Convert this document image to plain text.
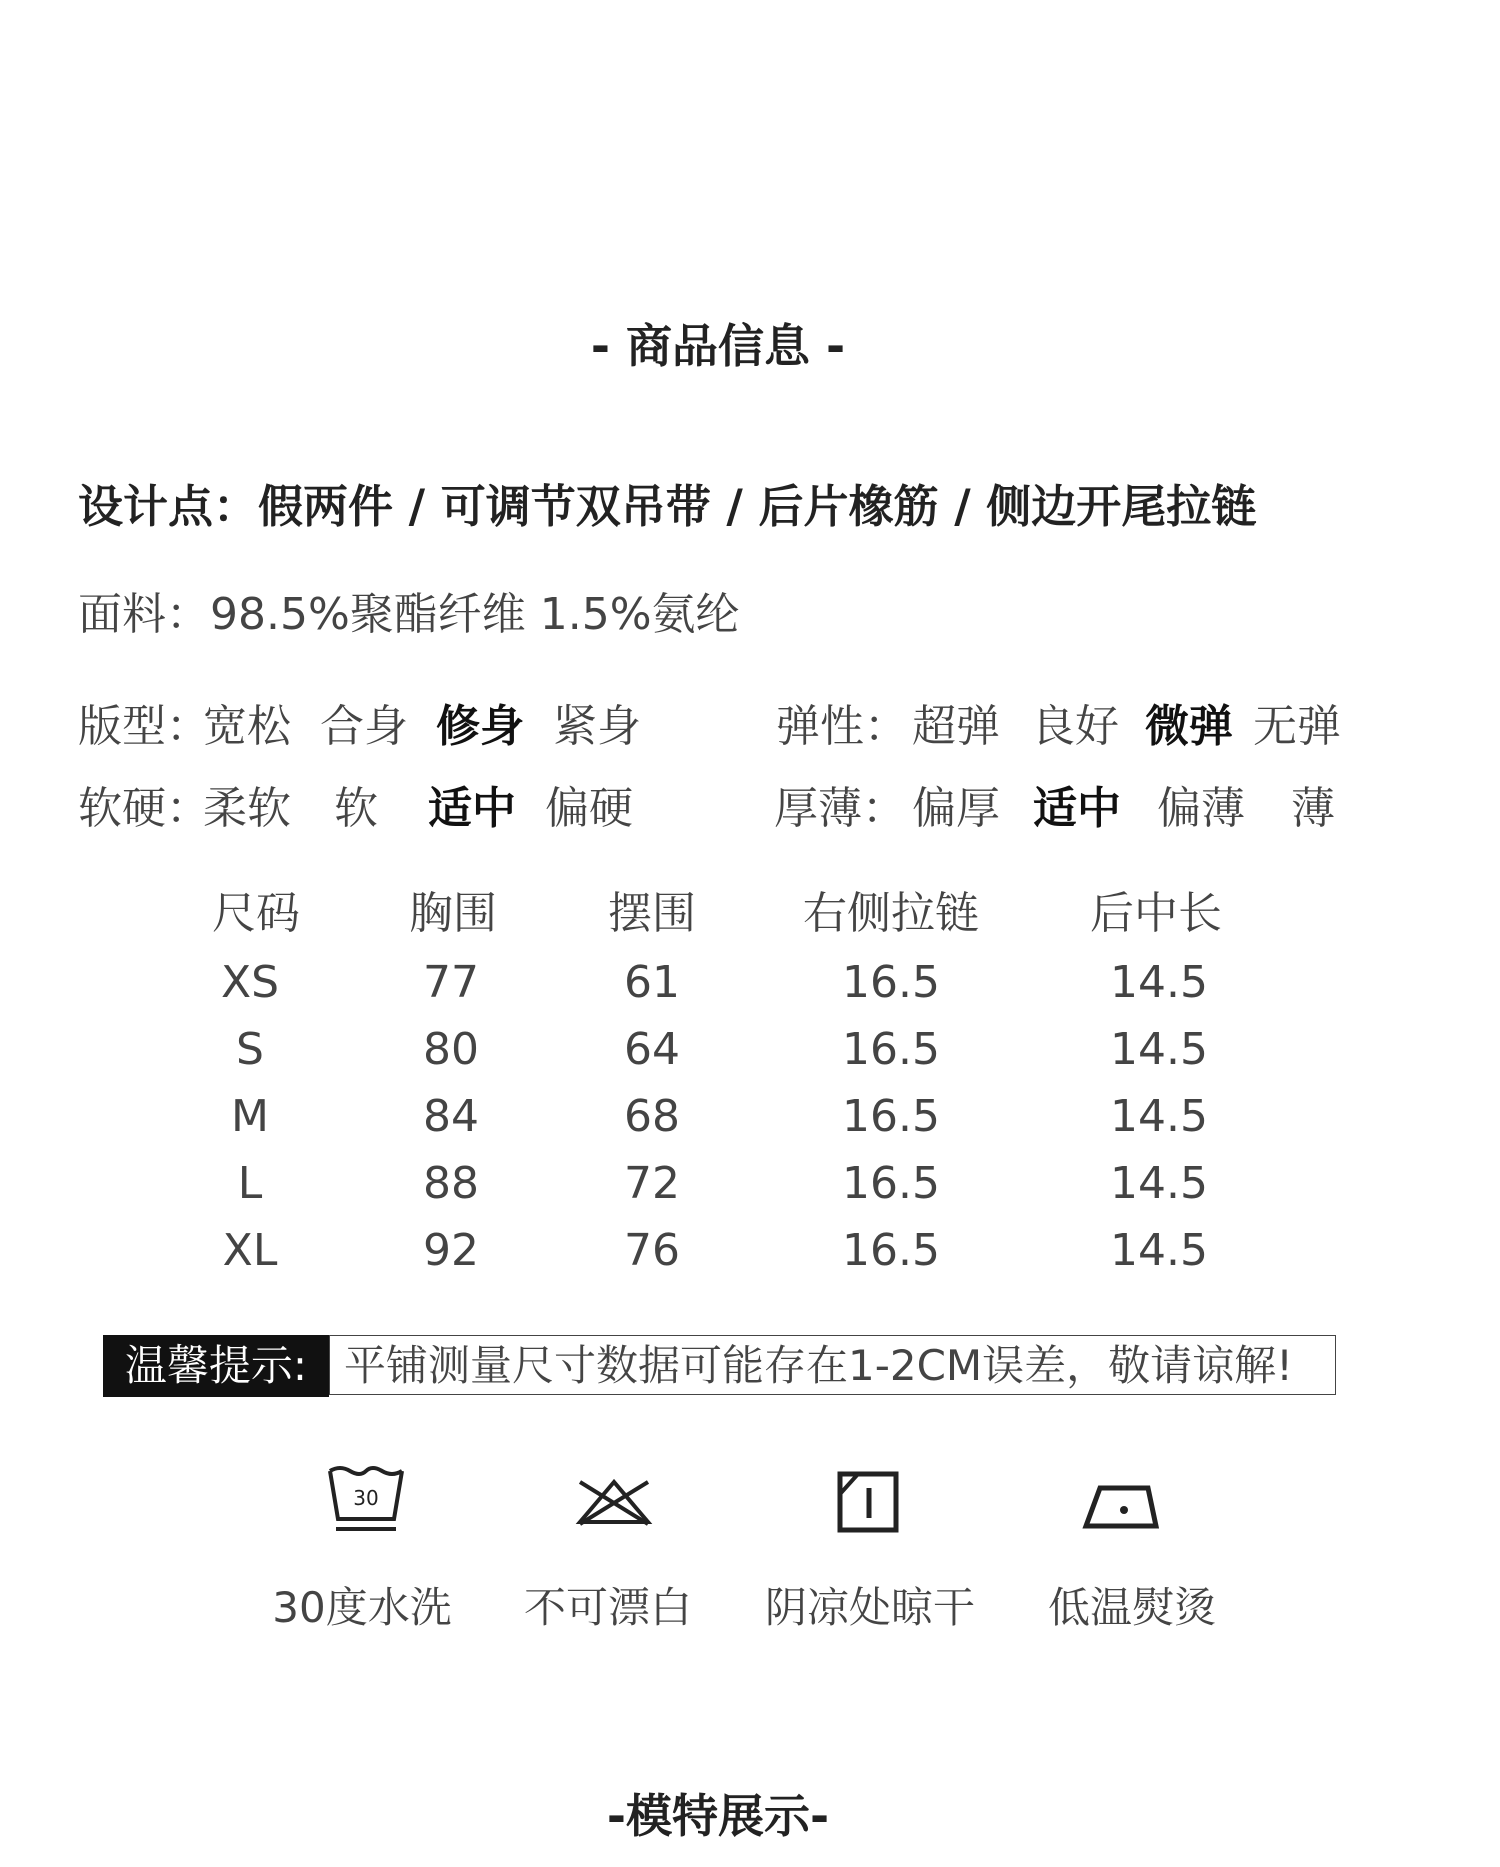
- 商品信息 -
设计点：假两件 / 可调节双吊带 / 后片橡筋 / 侧边开尾拉链
面料：98.5%聚酯纤维 1.5%氨纶
版型：
宽松 合身 修身 紧身	弹性： 超弹 良好 微弹 无弹
软硬：
柔软 软 适中 偏硬	厚薄： 偏厚 适中 偏薄 薄
尺码	胸围	摆围	右侧拉链	后中长
XS	77	61	16.5	14.5
S	80	64	16.5	14.5
M	84	68	16.5	14.5
L	88	72	16.5	14.5
XL	92	76	16.5	14.5
温馨提示: 平铺测量尺寸数据可能存在1-2CM误差，敬请谅解!
30
30度水洗	不可漂白	阴凉处晾干	低温熨烫
-模特展示-
